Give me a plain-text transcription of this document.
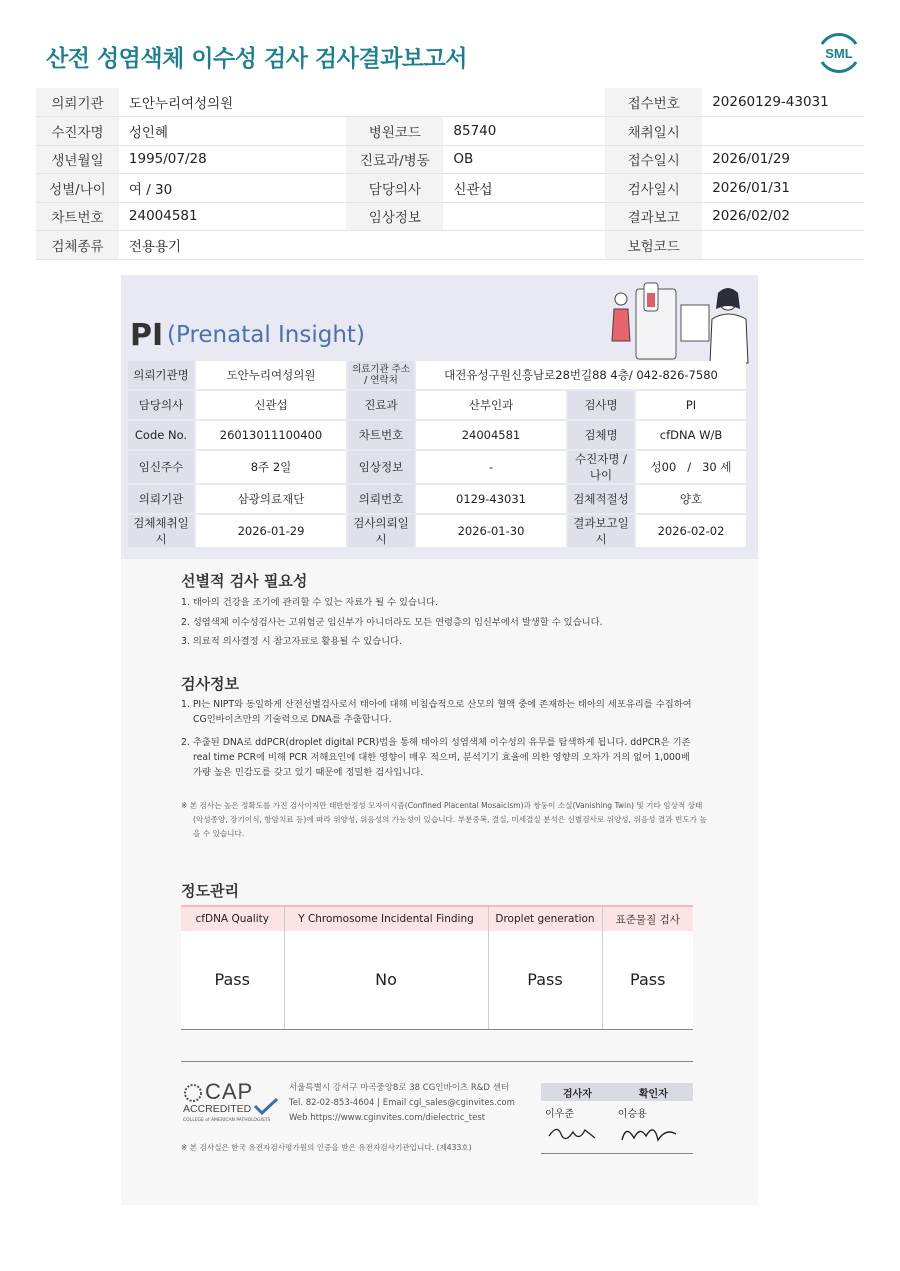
산전 성염색체 이수성 검사 검사결과보고서	SML
의뢰기관	도안누리여성의원			접수번호	20260129-43031
수진자명	성인혜	병원코드	85740	채취일시	
생년월일	1995/07/28	진료과/병동	OB	접수일시	2026/01/29
성별/나이	여 / 30	담당의사	신관섭	검사일시	2026/01/31
차트번호	24004581	임상정보		결과보고	2026/02/02
검체종류	전용용기			보험코드	
PI (Prenatal Insight)
의뢰기관명	도안누리여성의원	의료기관 주소
/ 연락처	대전유성구원신흥남로28번길88 4층/ 042-826-7580		
담당의사	신관섭	진료과	산부인과	검사명	PI
Code No.	26013011100400	차트번호	24004581	검체명	cfDNA W/B
임신주수	8주 2일	임상정보	-	수진자명 / 나이	성00   /   30 세
의뢰기관	삼광의료재단	의뢰번호	0129-43031	검체적절성	양호
검체채취일시	2026-01-29	검사의뢰일시	2026-01-30	결과보고일시	2026-02-02
선별적 검사 필요성
1. 태아의 건강을 조기에 관리할 수 있는 자료가 될 수 있습니다.
2. 성염색체 이수성검사는 고위험군 임신부가 아니더라도 모든 연령층의 임신부에서 발생할 수 있습니다.
3. 의료적 의사결정 시 참고자료로 활용될 수 있습니다.
검사정보
1. PI는 NIPT와 동일하게 산전선별검사로서 태아에 대해 비침습적으로 산모의 혈액 중에 존재하는 태아의 세포유리를 수집하여
CG인바이츠만의 기술력으로 DNA를 추출합니다.
2. 추출된 DNA로 ddPCR(droplet digital PCR)법을 통해 태아의 성염색체 이수성의 유무를 탐색하게 됩니다. ddPCR은 기존
real time PCR에 비해 PCR 저해요인에 대한 영향이 매우 적으며, 분석기기 효율에 의한 영향의 오차가 거의 없어 1,000배
가량 높은 민감도를 갖고 있기 때문에 정밀한 검사입니다.
※ 본 검사는 높은 정확도를 가진 검사이지만 태반한정성 모자이시즘(Confined Placental Mosaicism)과 쌍둥이 소실(Vanishing Twin) 및 기타 임상적 상태
(악성종양, 장기이식, 항암치료 등)에 따라 위양성, 위음성의 가능성이 있습니다. 부분중복, 결실, 미세결실 분석은 선별검사로 위양성, 위음성 결과 빈도가 높
을 수 있습니다.
정도관리
cfDNA Quality	Y Chromosome Incidental Finding	Droplet generation	표준물질 검사
Pass	No	Pass	Pass
CAP
ACCREDITED
COLLEGE of AMERICAN PATHOLOGISTS
서울특별시 강서구 마곡중앙8로 38 CG인바이츠 R&D 센터
Tel. 82-02-853-4604 | Email cgl_sales@cginvites.com
Web https://www.cginvites.com/dielectric_test
※ 본 검사실은 한국 유전자검사평가원의 인증을 받은 유전자검사기관입니다. (제433호)
검사자	확인자

이우준	이승용
